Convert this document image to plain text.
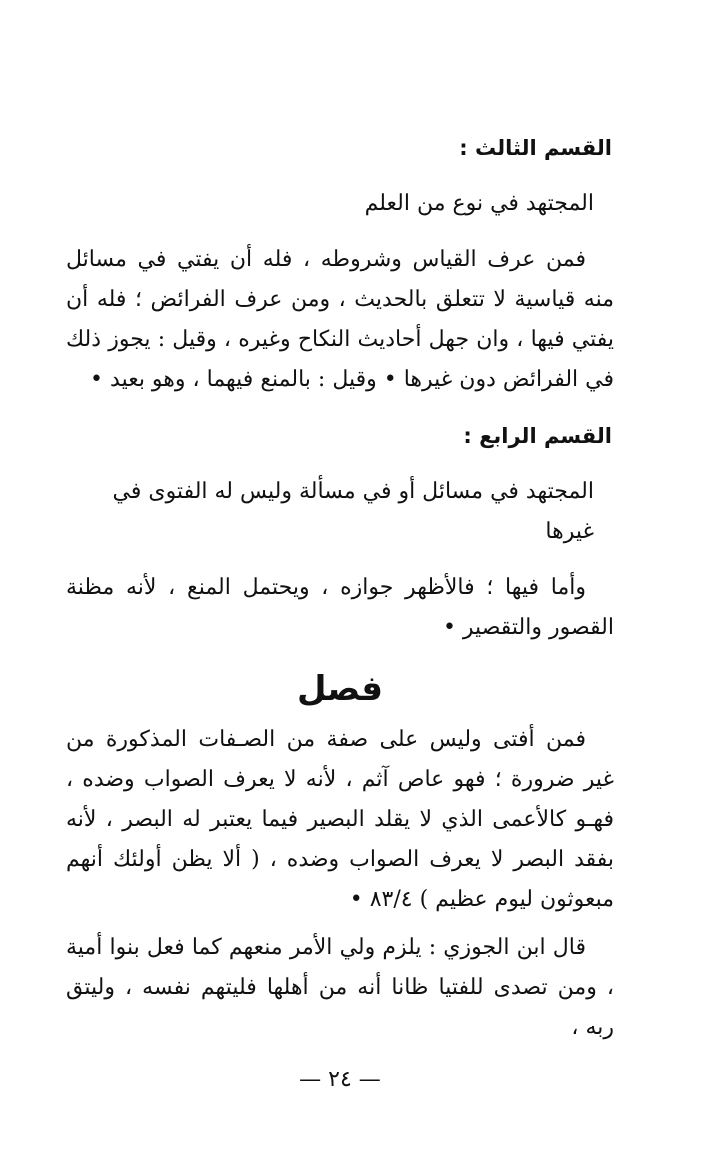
القسم الثالث :
المجتهد في نوع من العلم
فمن عرف القياس وشروطه ، فله أن يفتي في مسائل منه قياسية لا تتعلق بالحديث ، ومن عرف الفرائض ؛ فله أن يفتي فيها ، وان جهل أحاديث النكاح وغيره ، وقيل : يجوز ذلك في الفرائض دون غيرها • وقيل : بالمنع فيهما ، وهو بعيد •
القسم الرابع :
المجتهد في مسائل أو في مسألة وليس له الفتوى في غيرها
وأما فيها ؛ فالأظهر جوازه ، ويحتمل المنع ، لأنه مظنة القصور والتقصير •
فصل
فمن أفتى وليس على صفة من الصـفات المذكورة من غير ضرورة ؛ فهو عاص آثم ، لأنه لا يعرف الصواب وضده ، فهـو كالأعمى الذي لا يقلد البصير فيما يعتبر له البصر ، لأنه بفقد البصر لا يعرف الصواب وضده ، ( ألا يظن أولئك أنهم مبعوثون ليوم عظيم ) ٨٣/٤ •
قال ابن الجوزي : يلزم ولي الأمر منعهم كما فعل بنوا أمية ، ومن تصدى للفتيا ظانا أنه من أهلها فليتهم نفسه ، وليتق ربه ،
— ٢٤ —
